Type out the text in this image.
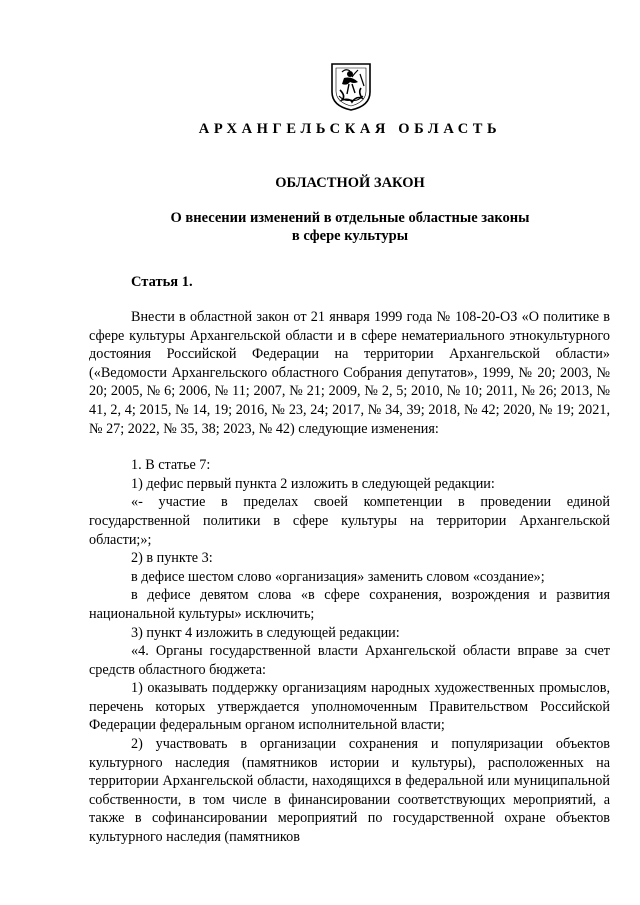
АРХАНГЕЛЬСКАЯ ОБЛАСТЬ
ОБЛАСТНОЙ ЗАКОН
О внесении изменений в отдельные областные законы
в сфере культуры
Статья 1.

Внести в областной закон от 21 января 1999 года № 108-20-ОЗ «О политике в сфере культуры Архангельской области и в сфере нематериального этнокультурного достояния Российской Федерации на территории Архангельской области» («Ведомости Архангельского областного Собрания депутатов», 1999, № 20; 2003, № 20; 2005, № 6; 2006, № 11; 2007, № 21; 2009, № 2, 5; 2010, № 10; 2011, № 26; 2013, № 41, 2, 4; 2015, № 14, 19; 2016, № 23, 24; 2017, № 34, 39; 2018, № 42; 2020, № 19; 2021, № 27; 2022, № 35, 38; 2023, № 42) следующие изменения:

1. В статье 7:

1) дефис первый пункта 2 изложить в следующей редакции:

«- участие в пределах своей компетенции в проведении единой государственной политики в сфере культуры на территории Архангельской области;»;

2) в пункте 3:

в дефисе шестом слово «организация» заменить словом «создание»;

в дефисе девятом слова «в сфере сохранения, возрождения и развития национальной культуры» исключить;

3) пункт 4 изложить в следующей редакции:

«4. Органы государственной власти Архангельской области вправе за счет средств областного бюджета:

1) оказывать поддержку организациям народных художественных промыслов, перечень которых утверждается уполномоченным Правительством Российской Федерации федеральным органом исполнительной власти;

2) участвовать в организации сохранения и популяризации объектов культурного наследия (памятников истории и культуры), расположенных на территории Архангельской области, находящихся в федеральной или муниципальной собственности, в том числе в финансировании соответствующих мероприятий, а также в софинансировании мероприятий по государственной охране объектов культурного наследия (памятников
